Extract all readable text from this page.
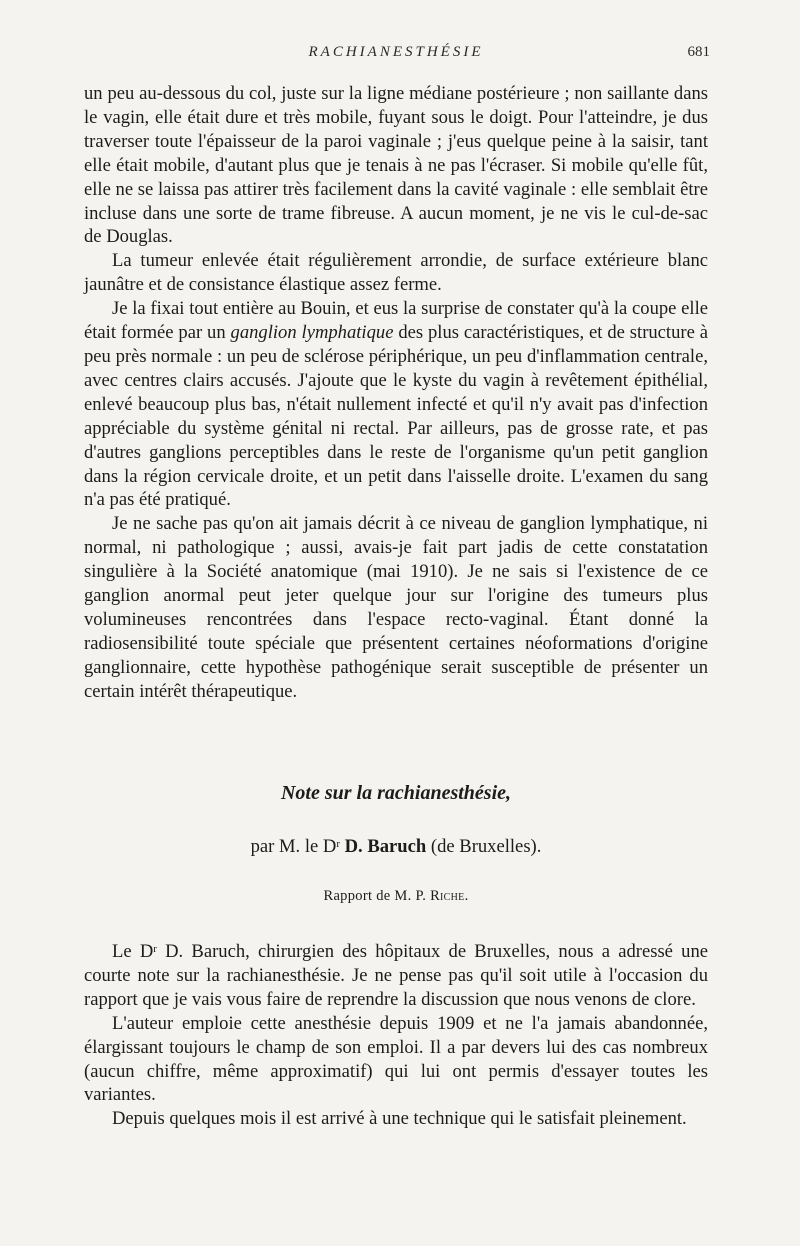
RACHIANESTHÉSIE	681

un peu au-dessous du col, juste sur la ligne médiane postérieure ; non saillante dans le vagin, elle était dure et très mobile, fuyant sous le doigt. Pour l'atteindre, je dus traverser toute l'épaisseur de la paroi vaginale ; j'eus quelque peine à la saisir, tant elle était mobile, d'autant plus que je tenais à ne pas l'écraser. Si mobile qu'elle fût, elle ne se laissa pas attirer très facilement dans la cavité vaginale : elle semblait être incluse dans une sorte de trame fibreuse. A aucun moment, je ne vis le cul-de-sac de Douglas.

La tumeur enlevée était régulièrement arrondie, de surface extérieure blanc jaunâtre et de consistance élastique assez ferme.

Je la fixai tout entière au Bouin, et eus la surprise de constater qu'à la coupe elle était formée par un ganglion lymphatique des plus caractéristiques, et de structure à peu près normale : un peu de sclérose périphérique, un peu d'inflammation centrale, avec centres clairs accusés. J'ajoute que le kyste du vagin à revêtement épithélial, enlevé beaucoup plus bas, n'était nullement infecté et qu'il n'y avait pas d'infection appréciable du système génital ni rectal. Par ailleurs, pas de grosse rate, et pas d'autres ganglions perceptibles dans le reste de l'organisme qu'un petit ganglion dans la région cervicale droite, et un petit dans l'aisselle droite. L'examen du sang n'a pas été pratiqué.

Je ne sache pas qu'on ait jamais décrit à ce niveau de ganglion lymphatique, ni normal, ni pathologique ; aussi, avais-je fait part jadis de cette constatation singulière à la Société anatomique (mai 1910). Je ne sais si l'existence de ce ganglion anormal peut jeter quelque jour sur l'origine des tumeurs plus volumineuses rencontrées dans l'espace recto-vaginal. Étant donné la radiosensibilité toute spéciale que présentent certaines néoformations d'origine ganglionnaire, cette hypothèse pathogénique serait susceptible de présenter un certain intérêt thérapeutique.

Note sur la rachianesthésie,
par M. le $D^r$ D. Baruch (de Bruxelles).
Rapport de M. P. Riche.

Le $D^r$ D. Baruch, chirurgien des hôpitaux de Bruxelles, nous a adressé une courte note sur la rachianesthésie. Je ne pense pas qu'il soit utile à l'occasion du rapport que je vais vous faire de reprendre la discussion que nous venons de clore.

L'auteur emploie cette anesthésie depuis 1909 et ne l'a jamais abandonnée, élargissant toujours le champ de son emploi. Il a par devers lui des cas nombreux (aucun chiffre, même approximatif) qui lui ont permis d'essayer toutes les variantes.

Depuis quelques mois il est arrivé à une technique qui le satisfait pleinement.
